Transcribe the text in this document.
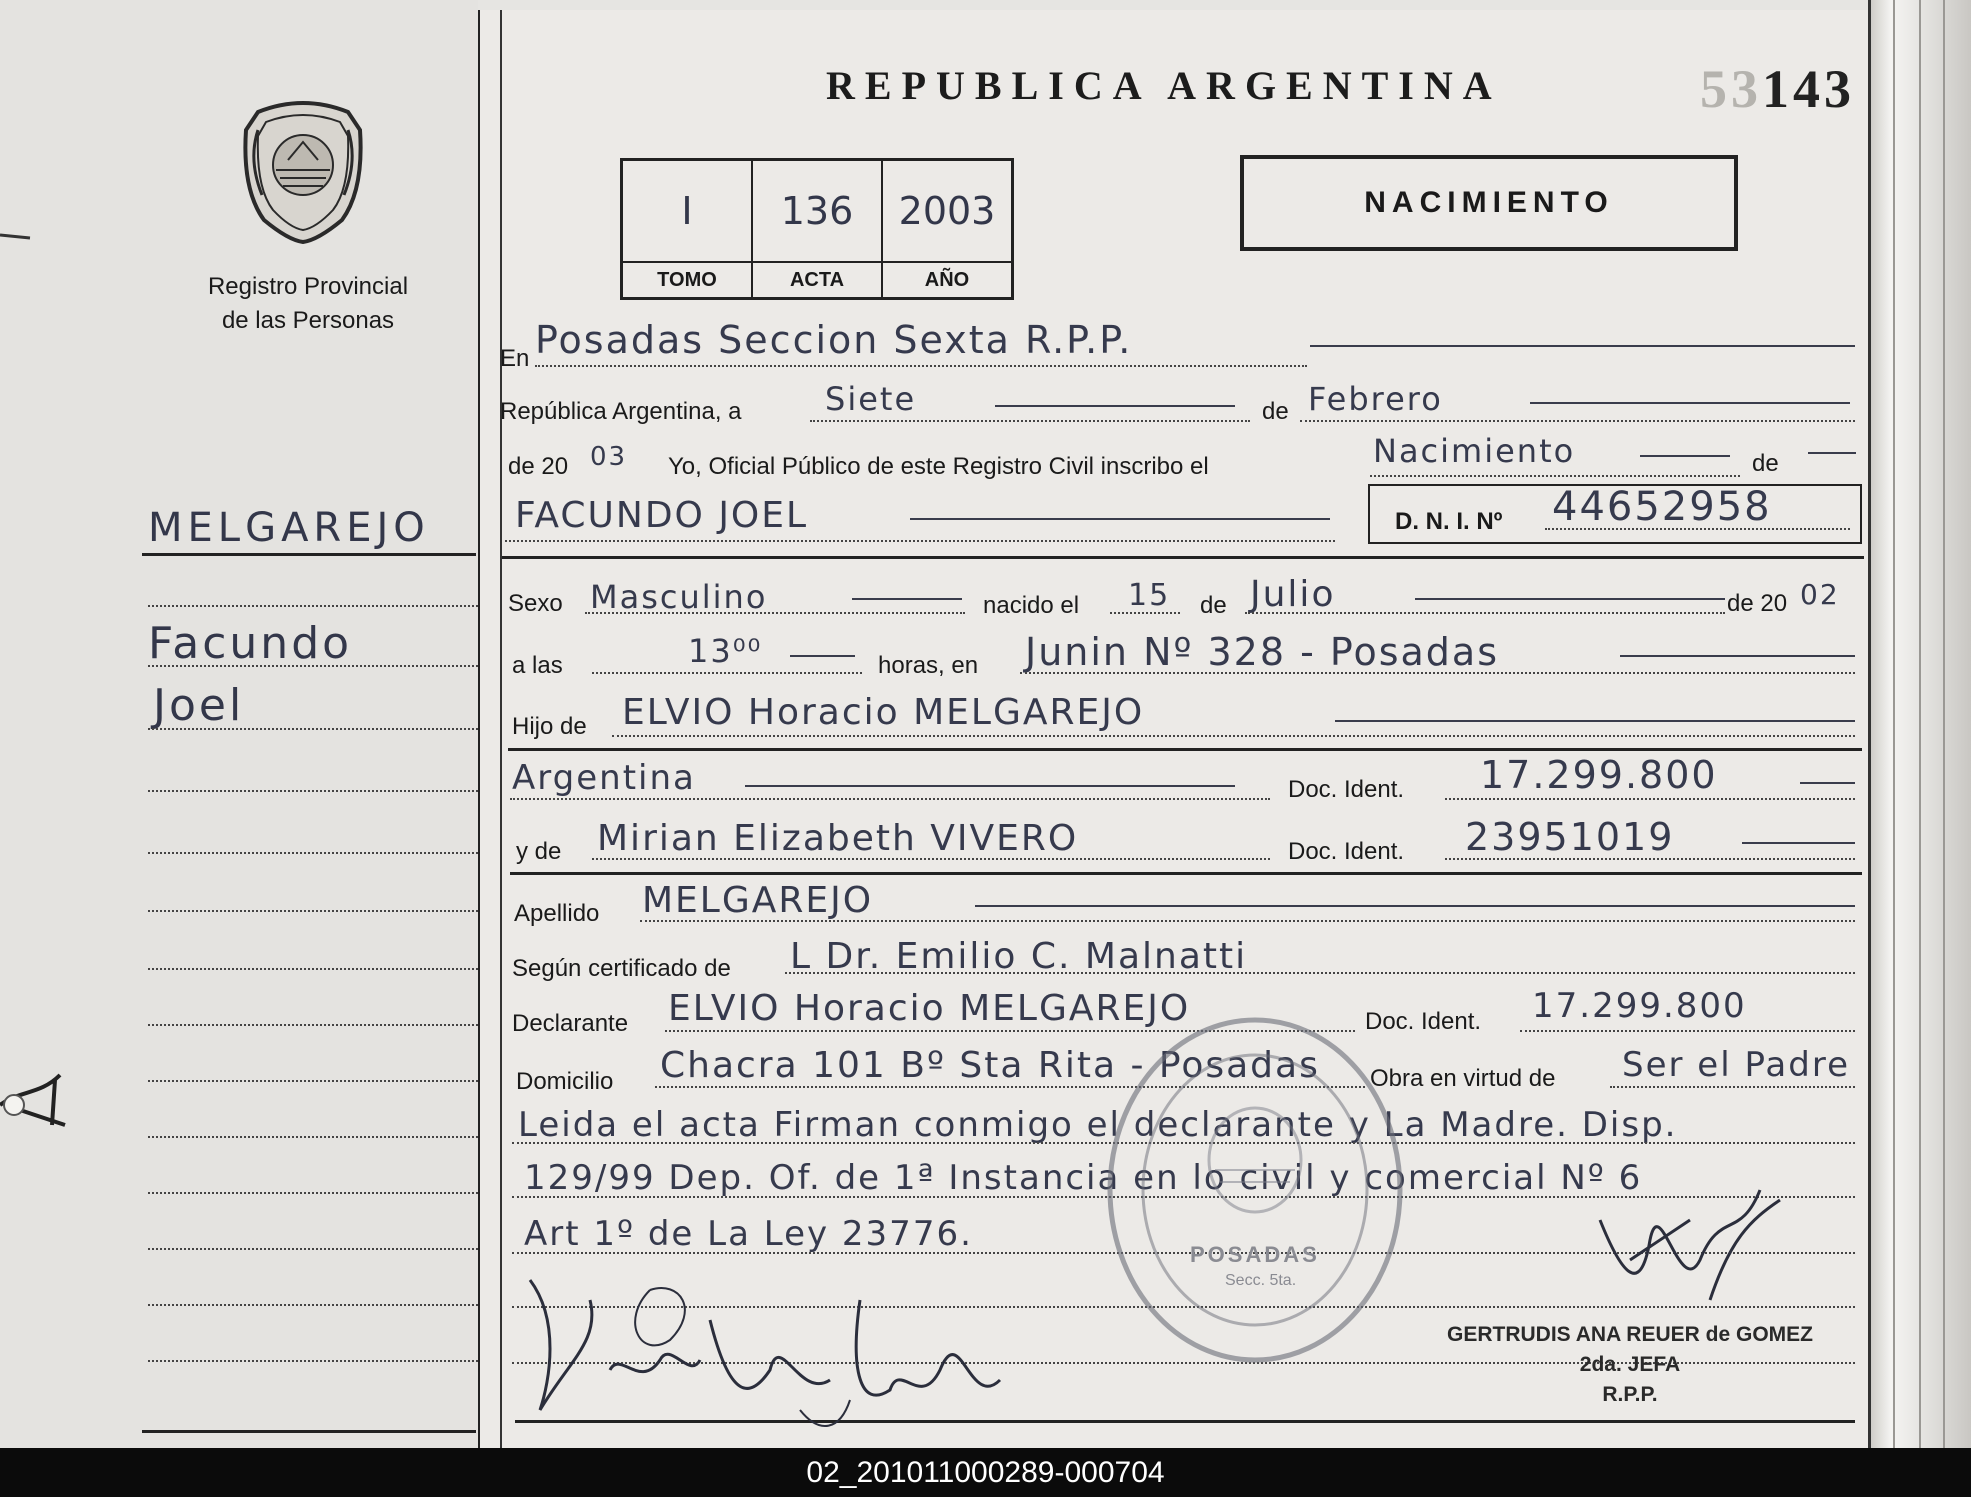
Registro Provincial
de las Personas
MELGAREJO
Facundo
Joel
REPUBLICA ARGENTINA	53143
I	136	2003
TOMO	ACTA	AÑO
NACIMIENTO
En Posadas Seccion Sexta R.P.P.
República Argentina, a	Siete	de Febrero
de 20 03 Yo, Oficial Público de este Registro Civil inscribo el	Nacimiento	de
FACUNDO JOEL	D. N. I. Nº 44652958
Sexo Masculino	nacido el 15 de Julio	de 20 02
a las	13⁰⁰	horas, en Junin Nº 328 - Posadas
Hijo de ELVIO Horacio MELGAREJO
Argentina	Doc. Ident. 17.299.800
y de Mirian Elizabeth VIVERO	Doc. Ident. 23951019
Apellido MELGAREJO
Según certificado de L Dr. Emilio C. Malnatti
Declarante ELVIO Horacio MELGAREJO	Doc. Ident. 17.299.800
Domicilio Chacra 101 Bº Sta Rita - Posadas Obra en virtud de Ser el Padre
Leida el acta Firman conmigo el declarante y La Madre. Disp.
129/99 Dep. Of. de 1ª Instancia en lo civil y comercial Nº 6
Art 1º de La Ley 23776.
POSADAS
Secc. 5ta.
GERTRUDIS ANA REUER de GOMEZ
2da. JEFA
R.P.P.
02_201011000289-000704
